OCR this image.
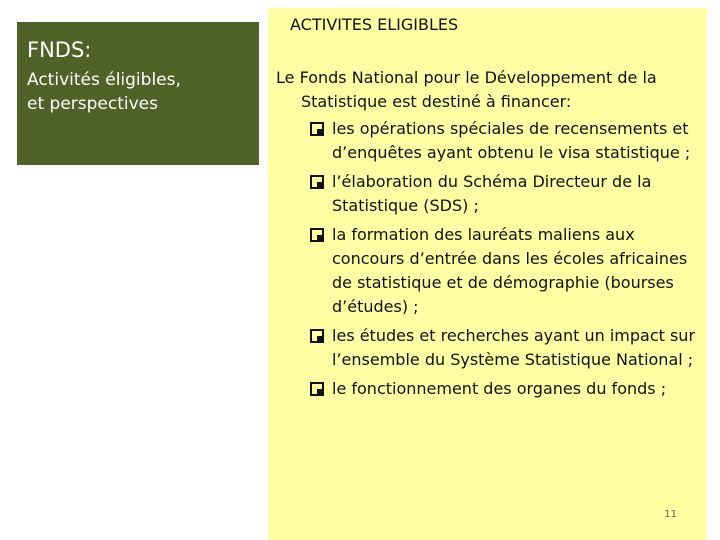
FNDS:

Activités éligibles,

et perspectives

ACTIVITES ELIGIBLES

Le Fonds National pour le Développement de la Statistique est destiné à financer:

les opérations spéciales de recensements et d’enquêtes ayant obtenu le visa statistique ;
l’élaboration du Schéma Directeur de la Statistique (SDS) ;
la formation des lauréats maliens aux concours d’entrée dans les écoles africaines de statistique et de démographie (bourses d’études) ;
les études et recherches ayant un impact sur l’ensemble du Système Statistique National ;
le fonctionnement des organes du fonds ;
11
